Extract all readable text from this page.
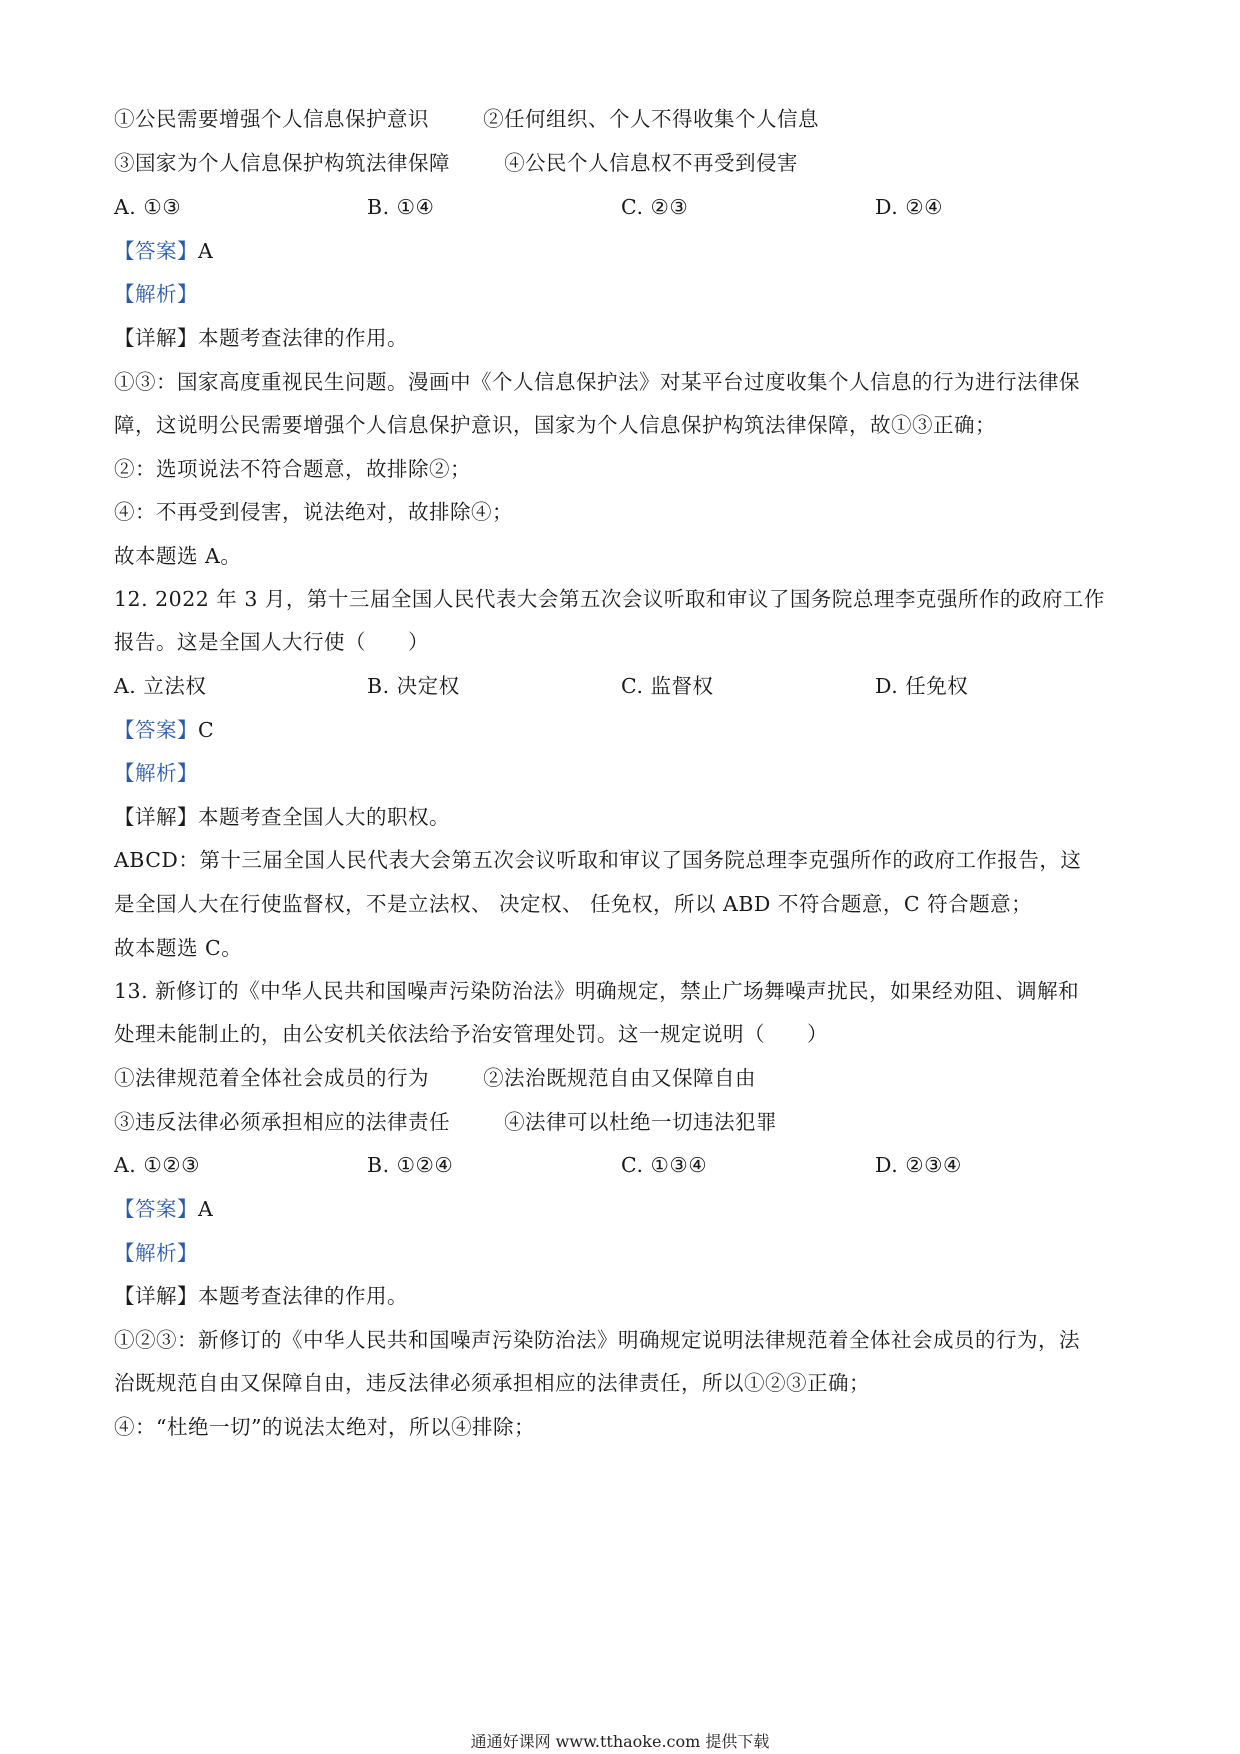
①公民需要增强个人信息保护意识	②任何组织、个人不得收集个人信息
③国家为个人信息保护构筑法律保障	④公民个人信息权不再受到侵害
A. ①③	B. ①④	C. ②③	D. ②④
【答案】A
【解析】
【详解】本题考查法律的作用。
①③：国家高度重视民生问题。漫画中《个人信息保护法》对某平台过度收集个人信息的行为进行法律保
障，这说明公民需要增强个人信息保护意识，国家为个人信息保护构筑法律保障，故①③正确；
②：选项说法不符合题意，故排除②；
④：不再受到侵害，说法绝对，故排除④；
故本题选 A。
12. 2022 年 3 月，第十三届全国人民代表大会第五次会议听取和审议了国务院总理李克强所作的政府工作
报告。这是全国人大行使（　　）
A. 立法权	B. 决定权	C. 监督权	D. 任免权
【答案】C
【解析】
【详解】本题考查全国人大的职权。
ABCD：第十三届全国人民代表大会第五次会议听取和审议了国务院总理李克强所作的政府工作报告，这
是全国人大在行使监督权，不是立法权、 决定权、 任免权，所以 ABD 不符合题意，C 符合题意；
故本题选 C。
13. 新修订的《中华人民共和国噪声污染防治法》明确规定，禁止广场舞噪声扰民，如果经劝阻、调解和
处理未能制止的，由公安机关依法给予治安管理处罚。这一规定说明（　　）
①法律规范着全体社会成员的行为	②法治既规范自由又保障自由
③违反法律必须承担相应的法律责任	④法律可以杜绝一切违法犯罪
A. ①②③	B. ①②④	C. ①③④	D. ②③④
【答案】A
【解析】
【详解】本题考查法律的作用。
①②③：新修订的《中华人民共和国噪声污染防治法》明确规定说明法律规范着全体社会成员的行为，法
治既规范自由又保障自由，违反法律必须承担相应的法律责任，所以①②③正确；
④：“杜绝一切”的说法太绝对，所以④排除；
通通好课网 www.tthaoke.com 提供下载
